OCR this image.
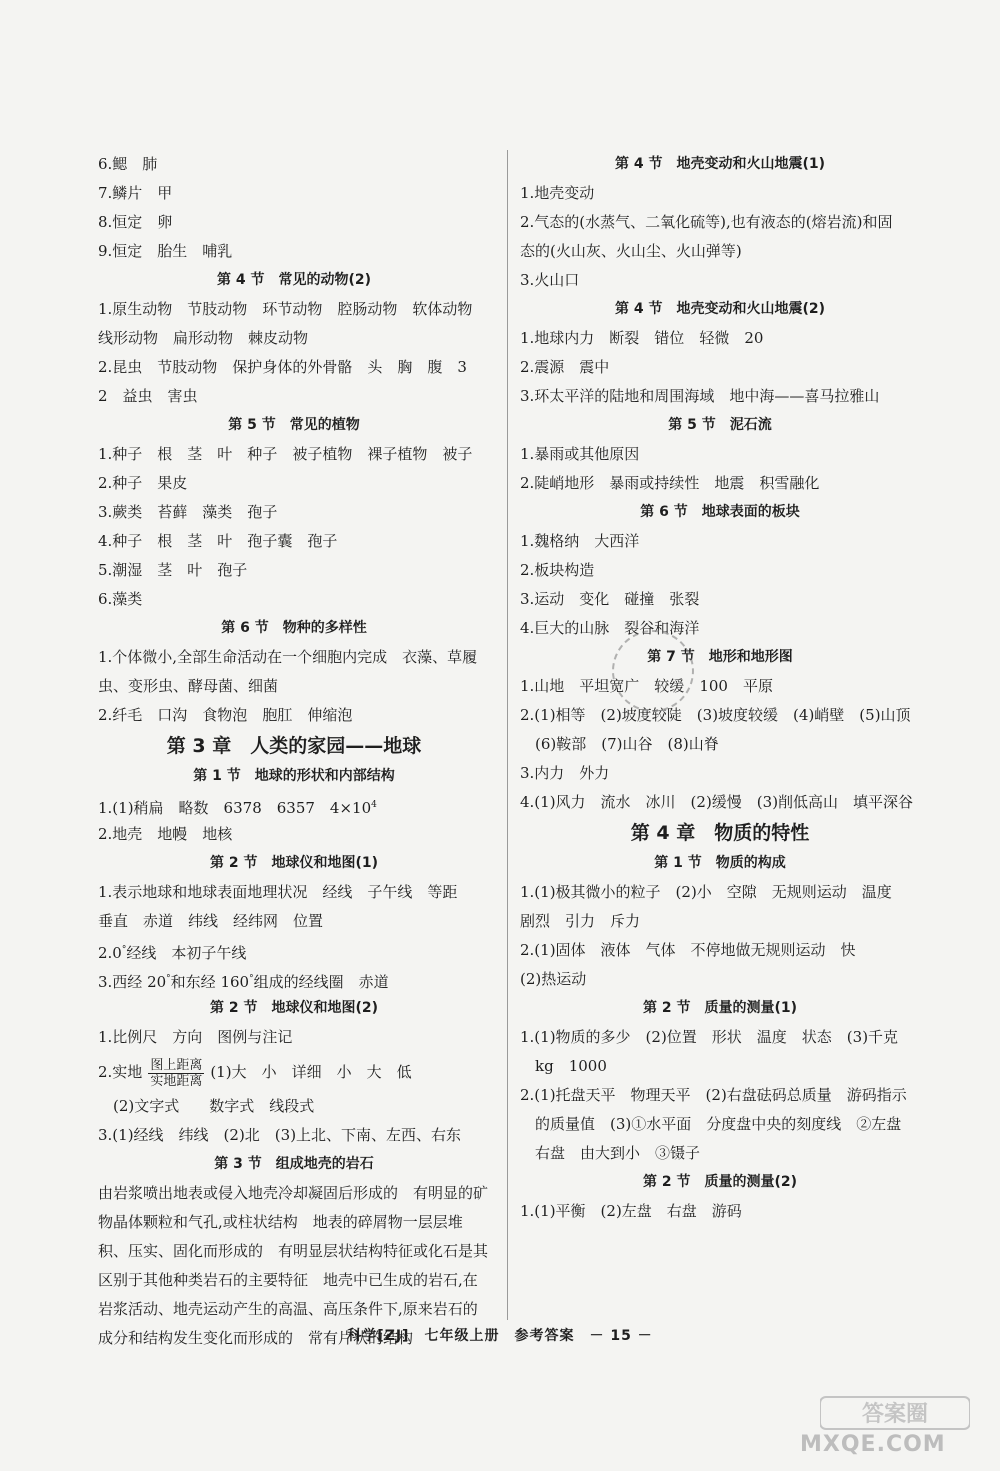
6.鳃　肺
7.鳞片　甲
8.恒定　卵
9.恒定　胎生　哺乳
第 4 节　常见的动物(2)
1.原生动物　节肢动物　环节动物　腔肠动物　软体动物
线形动物　扁形动物　棘皮动物
2.昆虫　节肢动物　保护身体的外骨骼　头　胸　腹　3
2　益虫　害虫
第 5 节　常见的植物
1.种子　根　茎　叶　种子　被子植物　裸子植物　被子
2.种子　果皮
3.蕨类　苔藓　藻类　孢子
4.种子　根　茎　叶　孢子囊　孢子
5.潮湿　茎　叶　孢子
6.藻类
第 6 节　物种的多样性
1.个体微小,全部生命活动在一个细胞内完成　衣藻、草履
虫、变形虫、酵母菌、细菌
2.纤毛　口沟　食物泡　胞肛　伸缩泡
第 3 章　人类的家园——地球
第 1 节　地球的形状和内部结构
1.(1)稍扁　略数　6378　6357　$4\times 10^4$
2.地壳　地幔　地核
第 2 节　地球仪和地图(1)
1.表示地球和地球表面地理状况　经线　子午线　等距
垂直　赤道　纬线　经纬网　位置
2.0°经线　本初子午线
3.西经 20°和东经 160°组成的经线圈　赤道
第 2 节　地球仪和地图(2)
1.比例尺　方向　图例与注记
2.实地 $\frac{\text{图上距离}}{\text{实地距离}} (1)$大　小　详细　小　大　低
　(2)文字式　　数字式　线段式
3.(1)经线　纬线　(2)北　(3)上北、下南、左西、右东
第 3 节　组成地壳的岩石
由岩浆喷出地表或侵入地壳冷却凝固后形成的　有明显的矿物晶体颗粒和气孔,或柱状结构　地表的碎屑物一层层堆积、压实、固化而形成的　有明显层状结构特征或化石是其区别于其他种类岩石的主要特征　地壳中已生成的岩石,在岩浆活动、地壳运动产生的高温、高压条件下,原来岩石的成分和结构发生变化而形成的　常有片状的结构
第 4 节　地壳变动和火山地震(1)
1.地壳变动
2.气态的(水蒸气、二氧化硫等),也有液态的(熔岩流)和固
态的(火山灰、火山尘、火山弹等)
3.火山口
第 4 节　地壳变动和火山地震(2)
1.地球内力　断裂　错位　轻微　20
2.震源　震中
3.环太平洋的陆地和周围海域　地中海——喜马拉雅山
第 5 节　泥石流
1.暴雨或其他原因
2.陡峭地形　暴雨或持续性　地震　积雪融化
第 6 节　地球表面的板块
1.魏格纳　大西洋
2.板块构造
3.运动　变化　碰撞　张裂
4.巨大的山脉　裂谷和海洋
第 7 节　地形和地形图
1.山地　平坦宽广　较缓　100　平原
2.(1)相等　(2)坡度较陡　(3)坡度较缓　(4)峭壁　(5)山顶
　(6)鞍部　(7)山谷　(8)山脊
3.内力　外力
4.(1)风力　流水　冰川　(2)缓慢　(3)削低高山　填平深谷
第 4 章　物质的特性
第 1 节　物质的构成
1.(1)极其微小的粒子　(2)小　空隙　无规则运动　温度
剧烈　引力　斥力
2.(1)固体　液体　气体　不停地做无规则运动　快
(2)热运动
第 2 节　质量的测量(1)
1.(1)物质的多少　(2)位置　形状　温度　状态　(3)千克
　kg　1000
2.(1)托盘天平　物理天平　(2)右盘砝码总质量　游码指示
　的质量值　(3)①水平面　分度盘中央的刻度线　②左盘
　右盘　由大到小　③镊子
第 2 节　质量的测量(2)
1.(1)平衡　(2)左盘　右盘　游码
科学[ZJ]　七年级上册　参考答案　－ 15 －
答案圈
MXQE.COM
